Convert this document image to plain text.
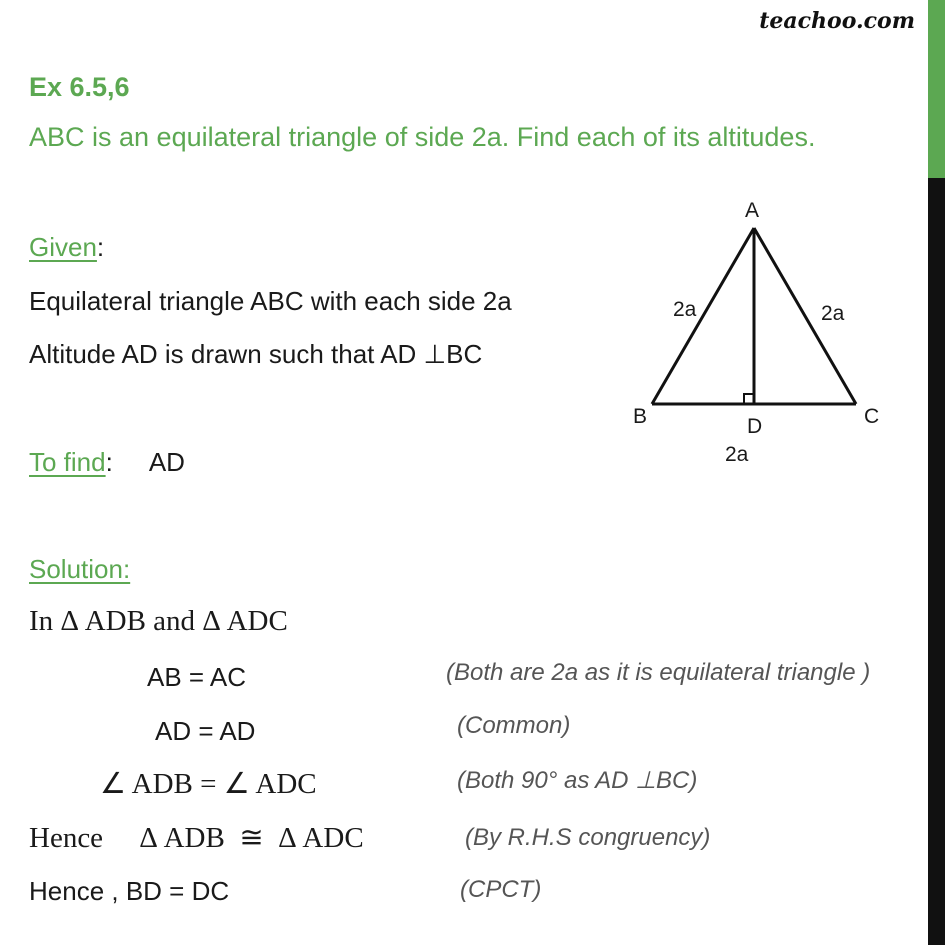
teachoo.com
Ex 6.5,6
ABC is an equilateral triangle of side 2a. Find each of its altitudes.
Given:
Equilateral triangle ABC with each side 2a
Altitude AD is drawn such that AD ⊥BC
To find: AD
Solution:
In Δ ADB and Δ ADC
AB = AC	(Both are 2a as it is equilateral triangle )
AD = AD	(Common)
∠ ADB = ∠ ADC	(Both 90° as AD ⊥BC)
Hence     Δ ADB  ≅  Δ ADC	(By R.H.S congruency)
Hence , BD = DC	(CPCT)
A
B	C
D
2a	2a
2a
